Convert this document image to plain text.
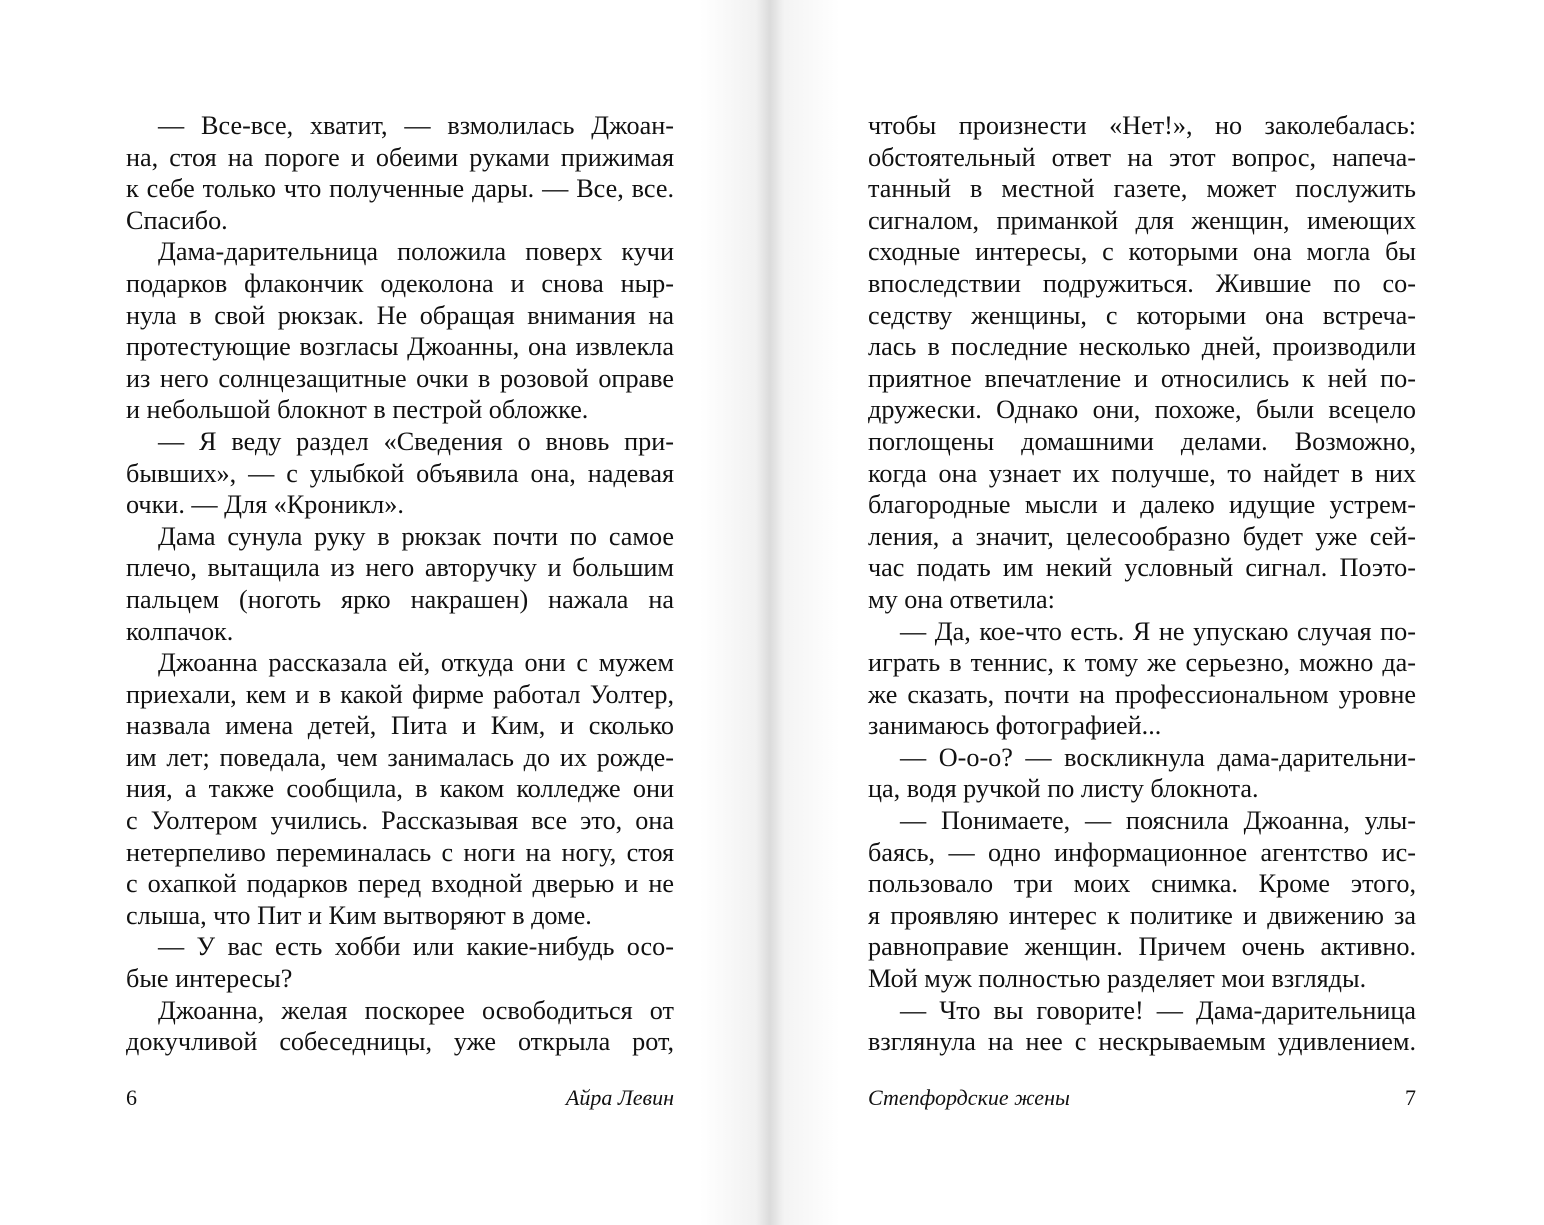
— Все-все, хватит, — взмолилась Джоан-
на, стоя на пороге и обеими руками прижимая
к себе только что полученные дары. — Все, все.
Спасибо.
Дама-дарительница положила поверх кучи
подарков флакончик одеколона и снова ныр-
нула в свой рюкзак. Не обращая внимания на
протестующие возгласы Джоанны, она извлекла
из него солнцезащитные очки в розовой оправе
и небольшой блокнот в пестрой обложке.
— Я веду раздел «Сведения о вновь при-
бывших», — с улыбкой объявила она, надевая
очки. — Для «Кроникл».
Дама сунула руку в рюкзак почти по самое
плечо, вытащила из него авторучку и большим
пальцем (ноготь ярко накрашен) нажала на
колпачок.
Джоанна рассказала ей, откуда они с мужем
приехали, кем и в какой фирме работал Уолтер,
назвала имена детей, Пита и Ким, и сколько
им лет; поведала, чем занималась до их рожде-
ния, а также сообщила, в каком колледже они
с Уолтером учились. Рассказывая все это, она
нетерпеливо переминалась с ноги на ногу, стоя
с охапкой подарков перед входной дверью и не
слыша, что Пит и Ким вытворяют в доме.
— У вас есть хобби или какие-нибудь осо-
бые интересы?
Джоанна, желая поскорее освободиться от
докучливой собеседницы, уже открыла рот,
6	Айра Левин
чтобы произнести «Нет!», но заколебалась:
обстоятельный ответ на этот вопрос, напеча-
танный в местной газете, может послужить
сигналом, приманкой для женщин, имеющих
сходные интересы, с которыми она могла бы
впоследствии подружиться. Жившие по со-
седству женщины, с которыми она встреча-
лась в последние несколько дней, производили
приятное впечатление и относились к ней по-
дружески. Однако они, похоже, были всецело
поглощены домашними делами. Возможно,
когда она узнает их получше, то найдет в них
благородные мысли и далеко идущие устрем-
ления, а значит, целесообразно будет уже сей-
час подать им некий условный сигнал. Поэто-
му она ответила:
— Да, кое-что есть. Я не упускаю случая по-
играть в теннис, к тому же серьезно, можно да-
же сказать, почти на профессиональном уровне
занимаюсь фотографией...
— О-о-о? — воскликнула дама-дарительни-
ца, водя ручкой по листу блокнота.
— Понимаете, — пояснила Джоанна, улы-
баясь, — одно информационное агентство ис-
пользовало три моих снимка. Кроме этого,
я проявляю интерес к политике и движению за
равноправие женщин. Причем очень активно.
Мой муж полностью разделяет мои взгляды.
— Что вы говорите! — Дама-дарительница
взглянула на нее с нескрываемым удивлением.
Степфордские жены	7
